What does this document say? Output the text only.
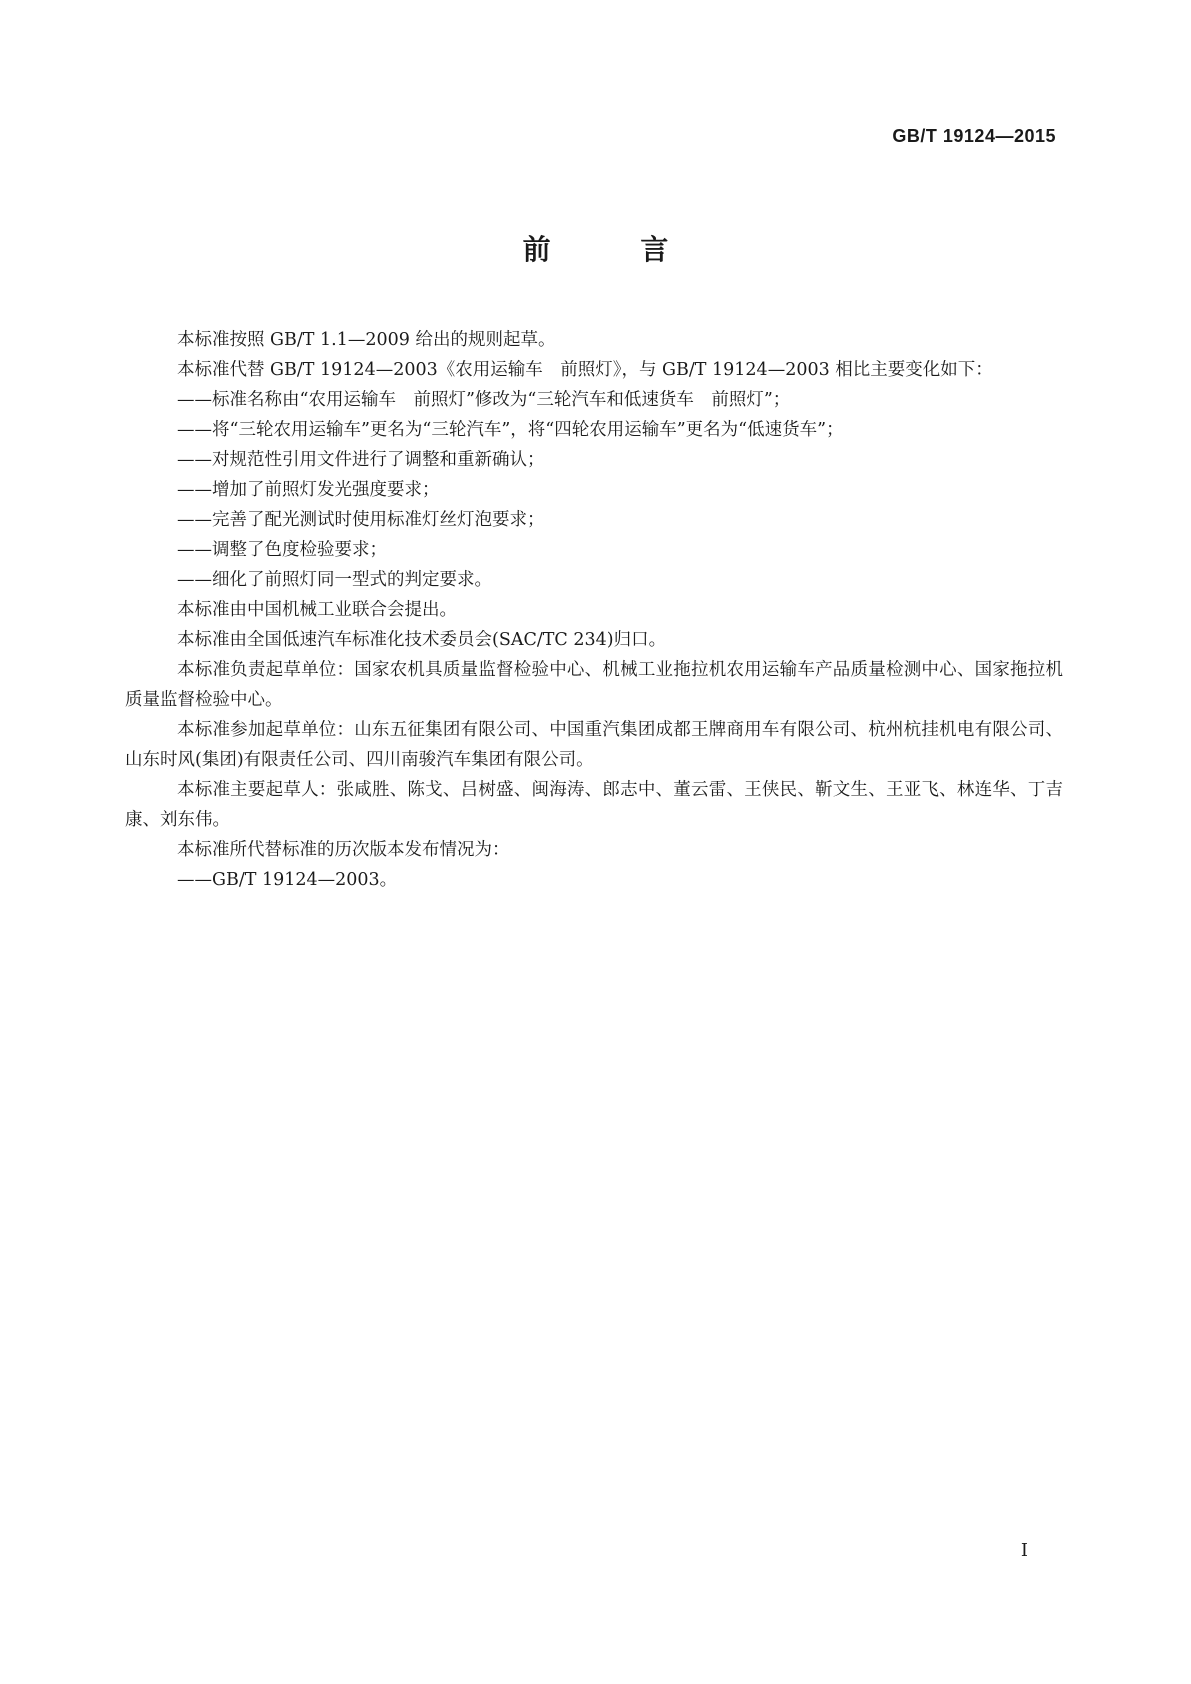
GB/T 19124—2015
前 言

本标准按照 GB/T 1.1—2009 给出的规则起草。

本标准代替 GB/T 19124—2003《农用运输车　前照灯》，与 GB/T 19124—2003 相比主要变化如下：

——标准名称由“农用运输车　前照灯”修改为“三轮汽车和低速货车　前照灯”；

——将“三轮农用运输车”更名为“三轮汽车”，将“四轮农用运输车”更名为“低速货车”；

——对规范性引用文件进行了调整和重新确认；

——增加了前照灯发光强度要求；

——完善了配光测试时使用标准灯丝灯泡要求；

——调整了色度检验要求；

——细化了前照灯同一型式的判定要求。

本标准由中国机械工业联合会提出。

本标准由全国低速汽车标准化技术委员会(SAC/TC 234)归口。

本标准负责起草单位：国家农机具质量监督检验中心、机械工业拖拉机农用运输车产品质量检测中心、国家拖拉机质量监督检验中心。

本标准参加起草单位：山东五征集团有限公司、中国重汽集团成都王牌商用车有限公司、杭州杭挂机电有限公司、山东时风(集团)有限责任公司、四川南骏汽车集团有限公司。

本标准主要起草人：张咸胜、陈戈、吕树盛、闽海涛、郎志中、董云雷、王侠民、靳文生、王亚飞、林连华、丁吉康、刘东伟。

本标准所代替标准的历次版本发布情况为：

——GB/T 19124—2003。

I
